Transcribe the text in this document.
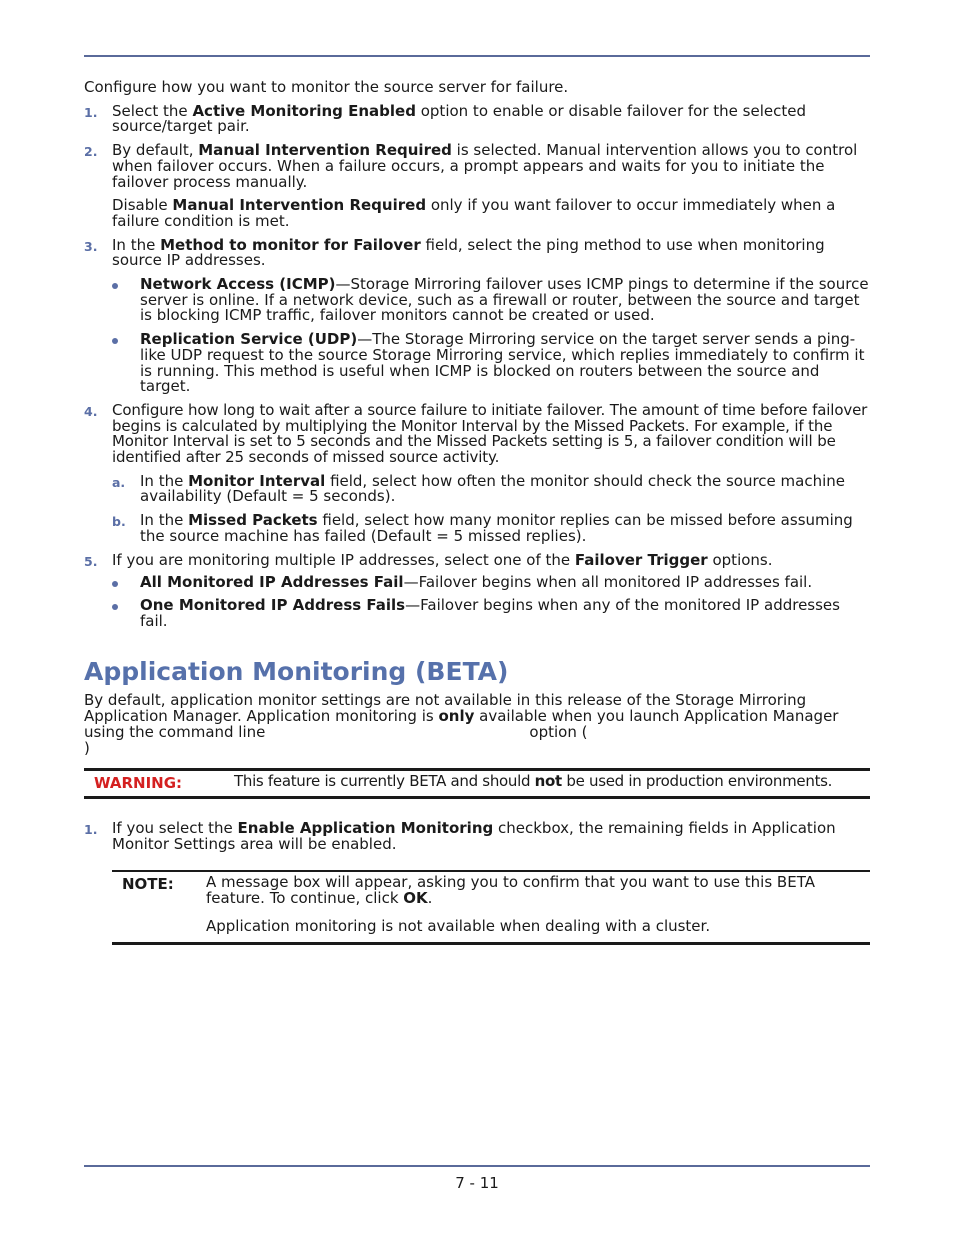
Configure how you want to monitor the source server for failure.

1. Select the Active Monitoring Enabled option to enable or disable failover for the selected source/target pair.

2. By default, Manual Intervention Required is selected. Manual intervention allows you to control when failover occurs. When a failure occurs, a prompt appears and waits for you to initiate the failover process manually.

Disable Manual Intervention Required only if you want failover to occur immediately when a failure condition is met.

3. In the Method to monitor for Failover field, select the ping method to use when monitoring source IP addresses.

Network Access (ICMP)—Storage Mirroring failover uses ICMP pings to determine if the source server is online. If a network device, such as a firewall or router, between the source and target is blocking ICMP traffic, failover monitors cannot be created or used.

Replication Service (UDP)—The Storage Mirroring service on the target server sends a ping-like UDP request to the source Storage Mirroring service, which replies immediately to confirm it is running. This method is useful when ICMP is blocked on routers between the source and target.

4. Configure how long to wait after a source failure to initiate failover. The amount of time before failover begins is calculated by multiplying the Monitor Interval by the Missed Packets. For example, if the Monitor Interval is set to 5 seconds and the Missed Packets setting is 5, a failover condition will be identified after 25 seconds of missed source activity.

a. In the Monitor Interval field, select how often the monitor should check the source machine availability (Default = 5 seconds).

b. In the Missed Packets field, select how many monitor replies can be missed before assuming the source machine has failed (Default = 5 missed replies).

5. If you are monitoring multiple IP addresses, select one of the Failover Trigger options.

All Monitored IP Addresses Fail—Failover begins when all monitored IP addresses fail.

One Monitored IP Address Fails—Failover begins when any of the monitored IP addresses fail.

Application Monitoring (BETA)

By default, application monitor settings are not available in this release of the Storage Mirroring Application Manager. Application monitoring is only available when you launch Application Manager using the command line	option ()

WARNING:	This feature is currently BETA and should not be used in production environments.

1. If you select the Enable Application Monitoring checkbox, the remaining fields in Application Monitor Settings area will be enabled.

NOTE: A message box will appear, asking you to confirm that you want to use this BETA feature. To continue, click OK.

Application monitoring is not available when dealing with a cluster.

7 - 11
